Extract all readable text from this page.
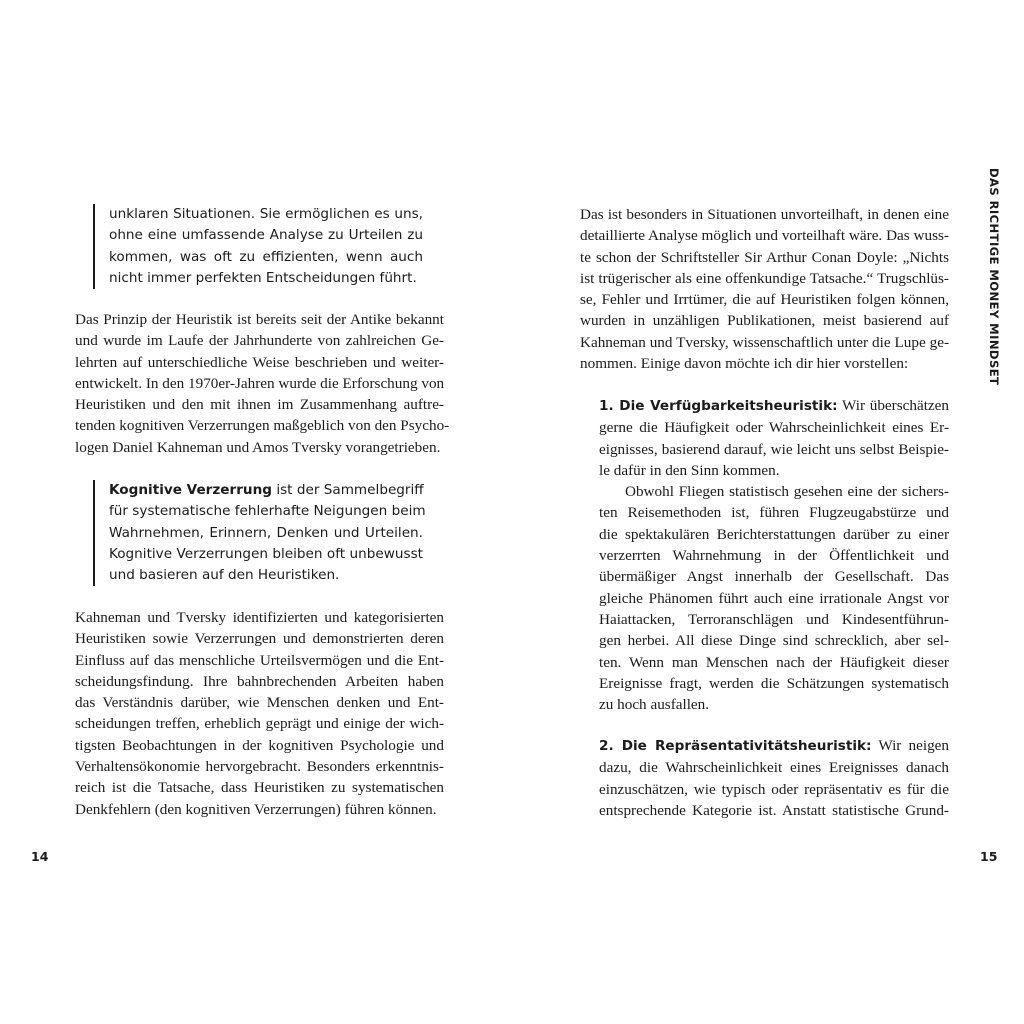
unklaren Situationen. Sie ermöglichen es uns,
ohne eine umfassende Analyse zu Urteilen zu
kommen, was oft zu effizienten, wenn auch
nicht immer perfekten Entscheidungen führt.
Das Prinzip der Heuristik ist bereits seit der Antike bekannt
und wurde im Laufe der Jahrhunderte von zahlreichen Ge-
lehrten auf unterschiedliche Weise beschrieben und weiter-
entwickelt. In den 1970er-Jahren wurde die Erforschung von
Heuristiken und den mit ihnen im Zusammenhang auftre-
tenden kognitiven Verzerrungen maßgeblich von den Psycho-
logen Daniel Kahneman und Amos Tversky vorangetrieben.
Kognitive Verzerrung ist der Sammelbegriff
für systematische fehlerhafte Neigungen beim
Wahrnehmen, Erinnern, Denken und Urteilen.
Kognitive Verzerrungen bleiben oft unbewusst
und basieren auf den Heuristiken.
Kahneman und Tversky identifizierten und kategorisierten
Heuristiken sowie Verzerrungen und demonstrierten deren
Einfluss auf das menschliche Urteilsvermögen und die Ent-
scheidungsfindung. Ihre bahnbrechenden Arbeiten haben
das Verständnis darüber, wie Menschen denken und Ent-
scheidungen treffen, erheblich geprägt und einige der wich-
tigsten Beobachtungen in der kognitiven Psychologie und
Verhaltensökonomie hervorgebracht. Besonders erkenntnis-
reich ist die Tatsache, dass Heuristiken zu systematischen
Denkfehlern (den kognitiven Verzerrungen) führen können.
14
Das ist besonders in Situationen unvorteilhaft, in denen eine
detaillierte Analyse möglich und vorteilhaft wäre. Das wuss-
te schon der Schriftsteller Sir Arthur Conan Doyle: „Nichts
ist trügerischer als eine offenkundige Tatsache.“ Trugschlüs-
se, Fehler und Irrtümer, die auf Heuristiken folgen können,
wurden in unzähligen Publikationen, meist basierend auf
Kahneman und Tversky, wissenschaftlich unter die Lupe ge-
nommen. Einige davon möchte ich dir hier vorstellen:
1. Die Verfügbarkeitsheuristik: Wir überschätzen
gerne die Häufigkeit oder Wahrscheinlichkeit eines Er-
eignisses, basierend darauf, wie leicht uns selbst Beispie-
le dafür in den Sinn kommen.
Obwohl Fliegen statistisch gesehen eine der sichers-
ten Reisemethoden ist, führen Flugzeugabstürze und
die spektakulären Berichterstattungen darüber zu einer
verzerrten Wahrnehmung in der Öffentlichkeit und
übermäßiger Angst innerhalb der Gesellschaft. Das
gleiche Phänomen führt auch eine irrationale Angst vor
Haiattacken, Terroranschlägen und Kindesentführun-
gen herbei. All diese Dinge sind schrecklich, aber sel-
ten. Wenn man Menschen nach der Häufigkeit dieser
Ereignisse fragt, werden die Schätzungen systematisch
zu hoch ausfallen.
2. Die Repräsentativitätsheuristik: Wir neigen
dazu, die Wahrscheinlichkeit eines Ereignisses danach
einzuschätzen, wie typisch oder repräsentativ es für die
entsprechende Kategorie ist. Anstatt statistische Grund-
15
DAS RICHTIGE MONEY MINDSET
